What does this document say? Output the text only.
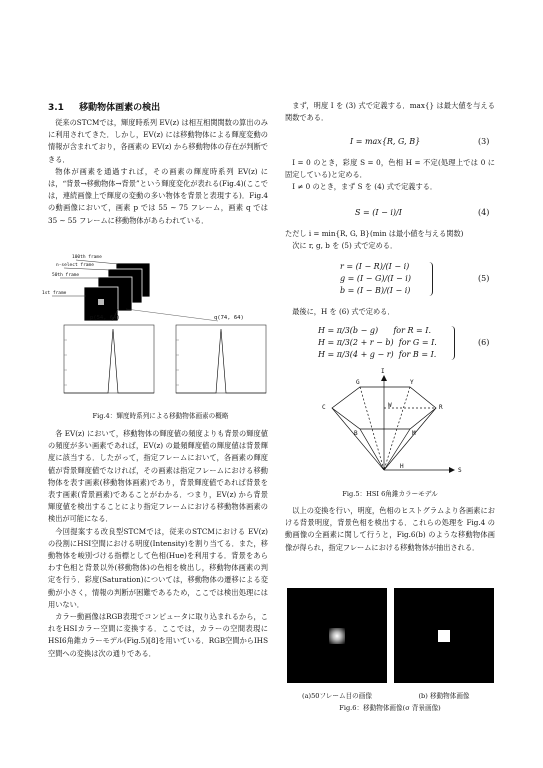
3.1 移動物体画素の検出

従来のSTCMでは，輝度時系列 EV(z) は相互相関関数の算出のみに利用されてきた．しかし，EV(z) には移動物体による輝度変動の情報が含まれており，各画素の EV(z) から移動物体の存在が判断できる．

物体が画素を通過すれば，その画素の輝度時系列 EV(z) には，“背景→移動物体→背景”という輝度変化が表れる(Fig.4)(ここでは，連続画像上で輝度の変動の多い物体を背景と表現する)．Fig.4 の動画像において，画素 p では 55 ∼ 75 フレーム，画素 q では 35 ∼ 55 フレームに移動物体があらわれている．

100th frame
n-select frame
50th frame
1st frame
p(54, 64)	q(74, 64)
Fig.4：輝度時系列による移動物体画素の概略

各 EV(z) において，移動物体の輝度値の頻度よりも背景の輝度値の頻度が多い画素であれば，EV(z) の最頻輝度値の輝度値は背景輝度に該当する．したがって，指定フレームにおいて，各画素の輝度値が背景輝度値でなければ，その画素は指定フレームにおける移動物体を表す画素(移動物体画素)であり，背景輝度値であれば背景を表す画素(背景画素)であることがわかる．つまり，EV(z) から背景輝度値を検出することにより指定フレームにおける移動物体画素の検出が可能になる．

今回提案する改良型STCMでは，従来のSTCMにおける EV(z) の役割にHSI空間における明度(Intensity)を割り当てる．また，移動物体を峻別づける指標として色相(Hue)を利用する．背景をあらわす色相と背景以外(移動物体)の色相を検出し，移動物体画素の判定を行う．彩度(Saturation)については，移動物体の遷移による変動が小さく，情報の判断が困難であるため，ここでは検出処理には用いない．

カラー動画像はRGB表現でコンピュータに取り込まれるから，これをHSIカラー空間に変換する．ここでは，カラーの空間表現にHSI6角錐カラーモデル(Fig.5)[8]を用いている．RGB空間からIHS空間への変換は次の通りである．

まず，明度 I を (3) 式で定義する．max{} は最大値を与える関数である．

I = max{R, G, B}	(3)

I = 0 のとき，彩度 S = 0，色相 H = 不定(処理上では 0 に固定している)と定める．

I ≠ 0 のとき，まず S を (4) 式で定義する．

S = (I − i)/I	(4)

ただし i = min{R, G, B}(min は最小値を与える関数)

次に r, g, b を (5) 式で定める．

r = (I − R)/(I − i)
g = (I − G)/(I − i)
b = (I − B)/(I − i)
(5)

最後に，H を (6) 式で定める．

H = π/3(b − g)      for R = I.
H = π/3(2 + r − b)  for G = I.
H = π/3(4 + g − r)  for B = I.
(6)
I
G	Y
C	W	R
B	M
H
S
Fig.5：HSI 6角錐カラーモデル

以上の変換を行い，明度，色相のヒストグラムより各画素における背景明度，背景色相を検出する．これらの処理を Fig.4 の動画像の全画素に関して行うと，Fig.6(b) のような移動物体画像が得られ，指定フレームにおける移動物体が抽出される．

(a)50フレーム目の画像	(b) 移動物体画像
Fig.6：移動物体画像(σ 背景画像)
